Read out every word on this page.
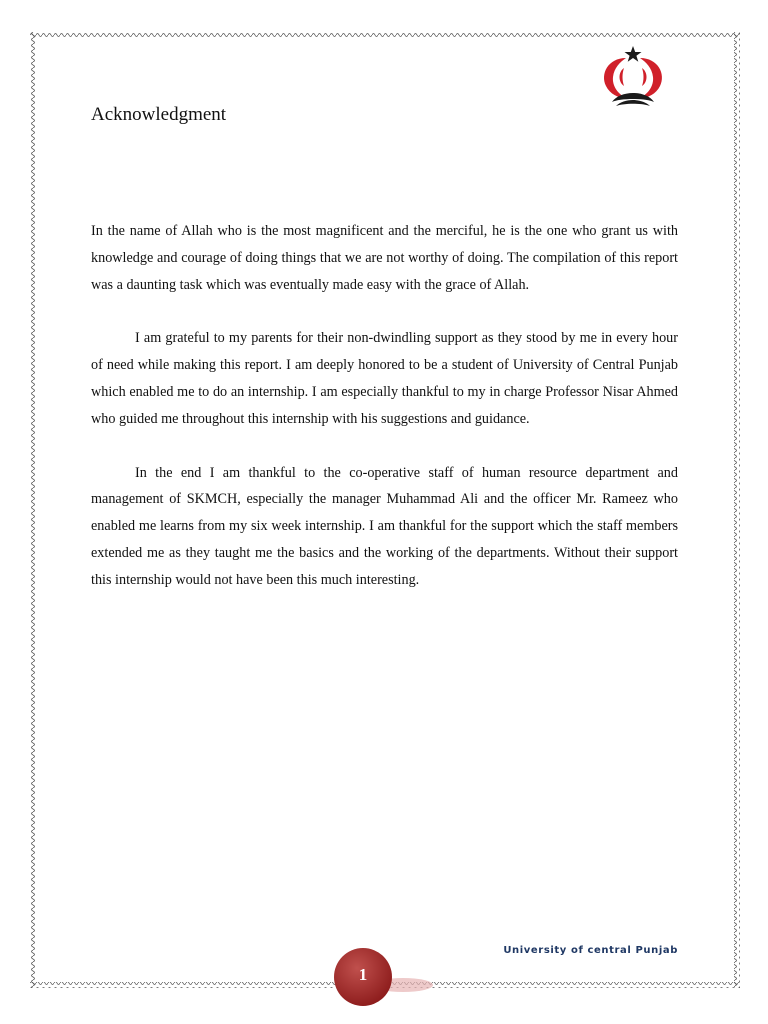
Acknowledgment

In the name of Allah who is the most magnificent and the merciful, he is the one who grant us with knowledge and courage of doing things that we are not worthy of doing. The compilation of this report was a daunting task which was eventually made easy with the grace of Allah.

I am grateful to my parents for their non-dwindling support as they stood by me in every hour of need while making this report. I am deeply honored to be a student of University of Central Punjab which enabled me to do an internship. I am especially thankful to my in charge Professor Nisar Ahmed who guided me throughout this internship with his suggestions and guidance.

In the end I am thankful to the co-operative staff of human resource department and management of SKMCH, especially the manager Muhammad Ali and the officer Mr. Rameez who enabled me learns from my six week internship. I am thankful for the support which the staff members extended me as they taught me the basics and the working of the departments. Without their support this internship would not have been this much interesting.

University of central Punjab
1
